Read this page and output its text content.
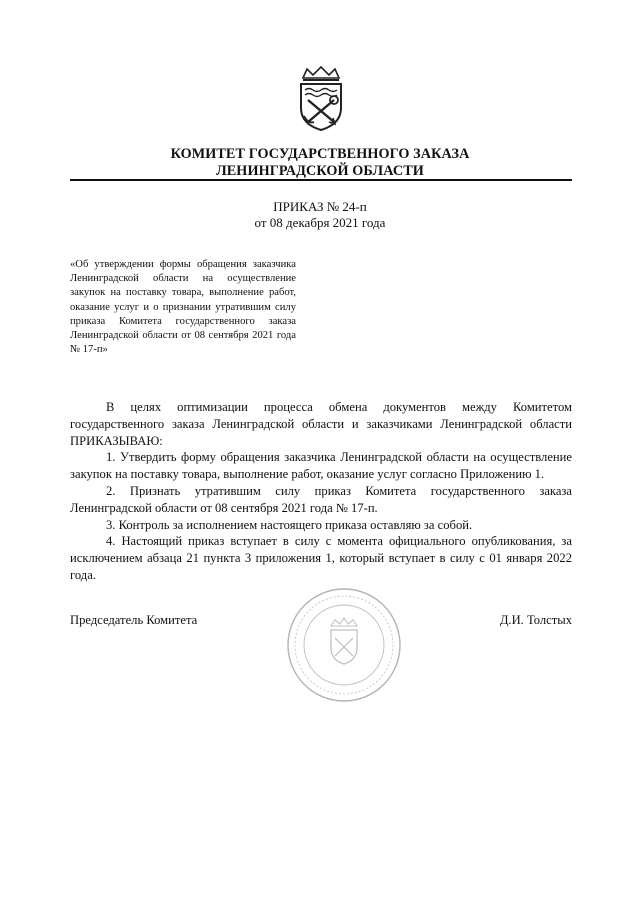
КОМИТЕТ ГОСУДАРСТВЕННОГО ЗАКАЗА
ЛЕНИНГРАДСКОЙ ОБЛАСТИ
ПРИКАЗ № 24-п
от 08 декабря 2021 года
«Об утверждении формы обращения заказчика Ленинградской области на осуществление закупок на поставку товара, выполнение работ, оказание услуг и о признании утратившим силу приказа Комитета государственного заказа Ленинградской области от 08 сентября 2021 года № 17-п»

В целях оптимизации процесса обмена документов между Комитетом государственного заказа Ленинградской области и заказчиками Ленинградской области ПРИКАЗЫВАЮ:

1. Утвердить форму обращения заказчика Ленинградской области на осуществление закупок на поставку товара, выполнение работ, оказание услуг согласно Приложению 1.

2. Признать утратившим силу приказ Комитета государственного заказа Ленинградской области от 08 сентября 2021 года № 17-п.

3. Контроль за исполнением настоящего приказа оставляю за собой.

4. Настоящий приказ вступает в силу с момента официального опубликования, за исключением абзаца 21 пункта 3 приложения 1, который вступает в силу с 01 января 2022 года.

Председатель Комитета	Д.И. Толстых
